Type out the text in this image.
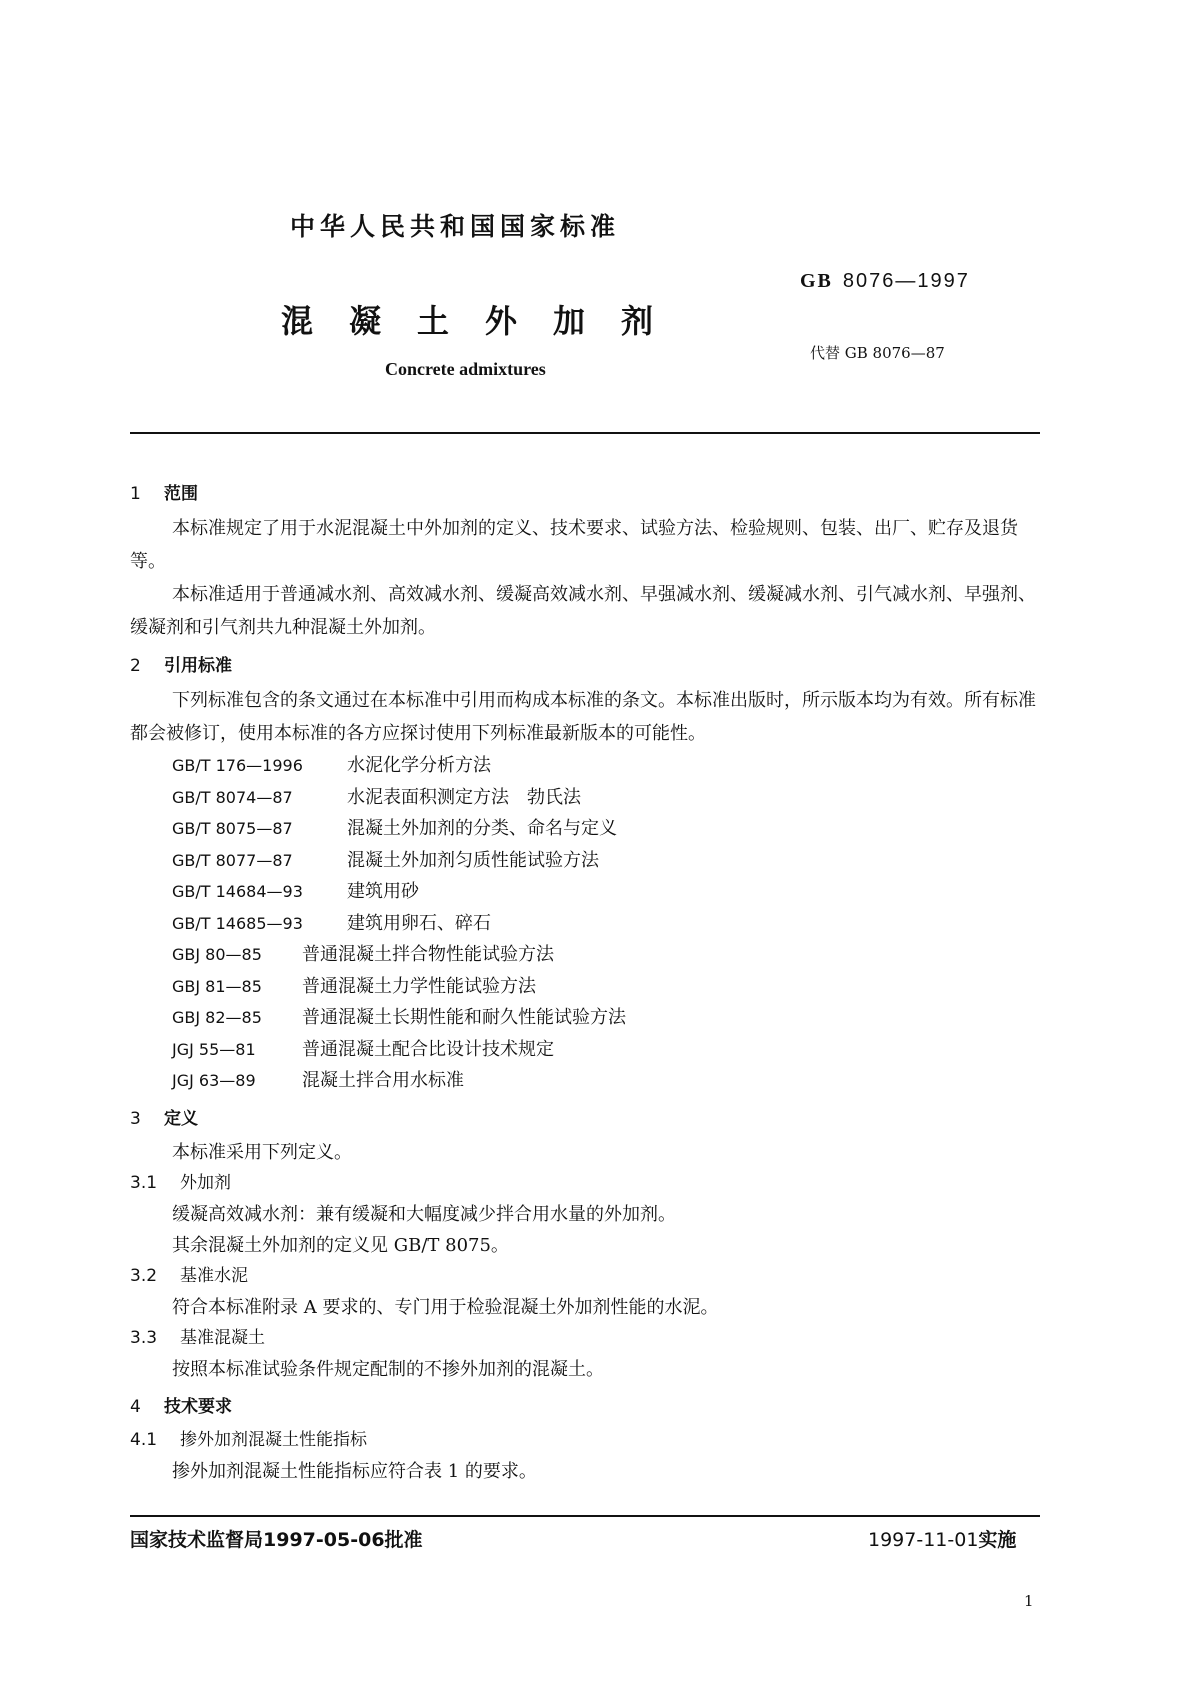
中华人民共和国国家标准
GB 8076—1997
混凝土外加剂
代替 GB 8076—87
Concrete admixtures
1 范围
本标准规定了用于水泥混凝土中外加剂的定义、技术要求、试验方法、检验规则、包装、出厂、贮存及退货等。
本标准适用于普通减水剂、高效减水剂、缓凝高效减水剂、早强减水剂、缓凝减水剂、引气减水剂、早强剂、缓凝剂和引气剂共九种混凝土外加剂。
2 引用标准
下列标准包含的条文通过在本标准中引用而构成本标准的条文。本标准出版时，所示版本均为有效。所有标准都会被修订，使用本标准的各方应探讨使用下列标准最新版本的可能性。
GB/T 176—1996 水泥化学分析方法
GB/T 8074—87	水泥表面积测定方法　勃氏法
GB/T 8075—87	混凝土外加剂的分类、命名与定义
GB/T 8077—87	混凝土外加剂匀质性能试验方法
GB/T 14684—93 建筑用砂
GB/T 14685—93 建筑用卵石、碎石
GBJ 80—85 普通混凝土拌合物性能试验方法
GBJ 81—85 普通混凝土力学性能试验方法
GBJ 82—85 普通混凝土长期性能和耐久性能试验方法
JGJ 55—81	普通混凝土配合比设计技术规定
JGJ 63—89	混凝土拌合用水标准
3 定义
本标准采用下列定义。
3.1 外加剂
缓凝高效减水剂：兼有缓凝和大幅度减少拌合用水量的外加剂。
其余混凝土外加剂的定义见 GB/T 8075。
3.2 基准水泥
符合本标准附录 A 要求的、专门用于检验混凝土外加剂性能的水泥。
3.3 基准混凝土
按照本标准试验条件规定配制的不掺外加剂的混凝土。
4 技术要求
4.1 掺外加剂混凝土性能指标
掺外加剂混凝土性能指标应符合表 1 的要求。
国家技术监督局1997-05-06批准	1997-11-01实施
1
